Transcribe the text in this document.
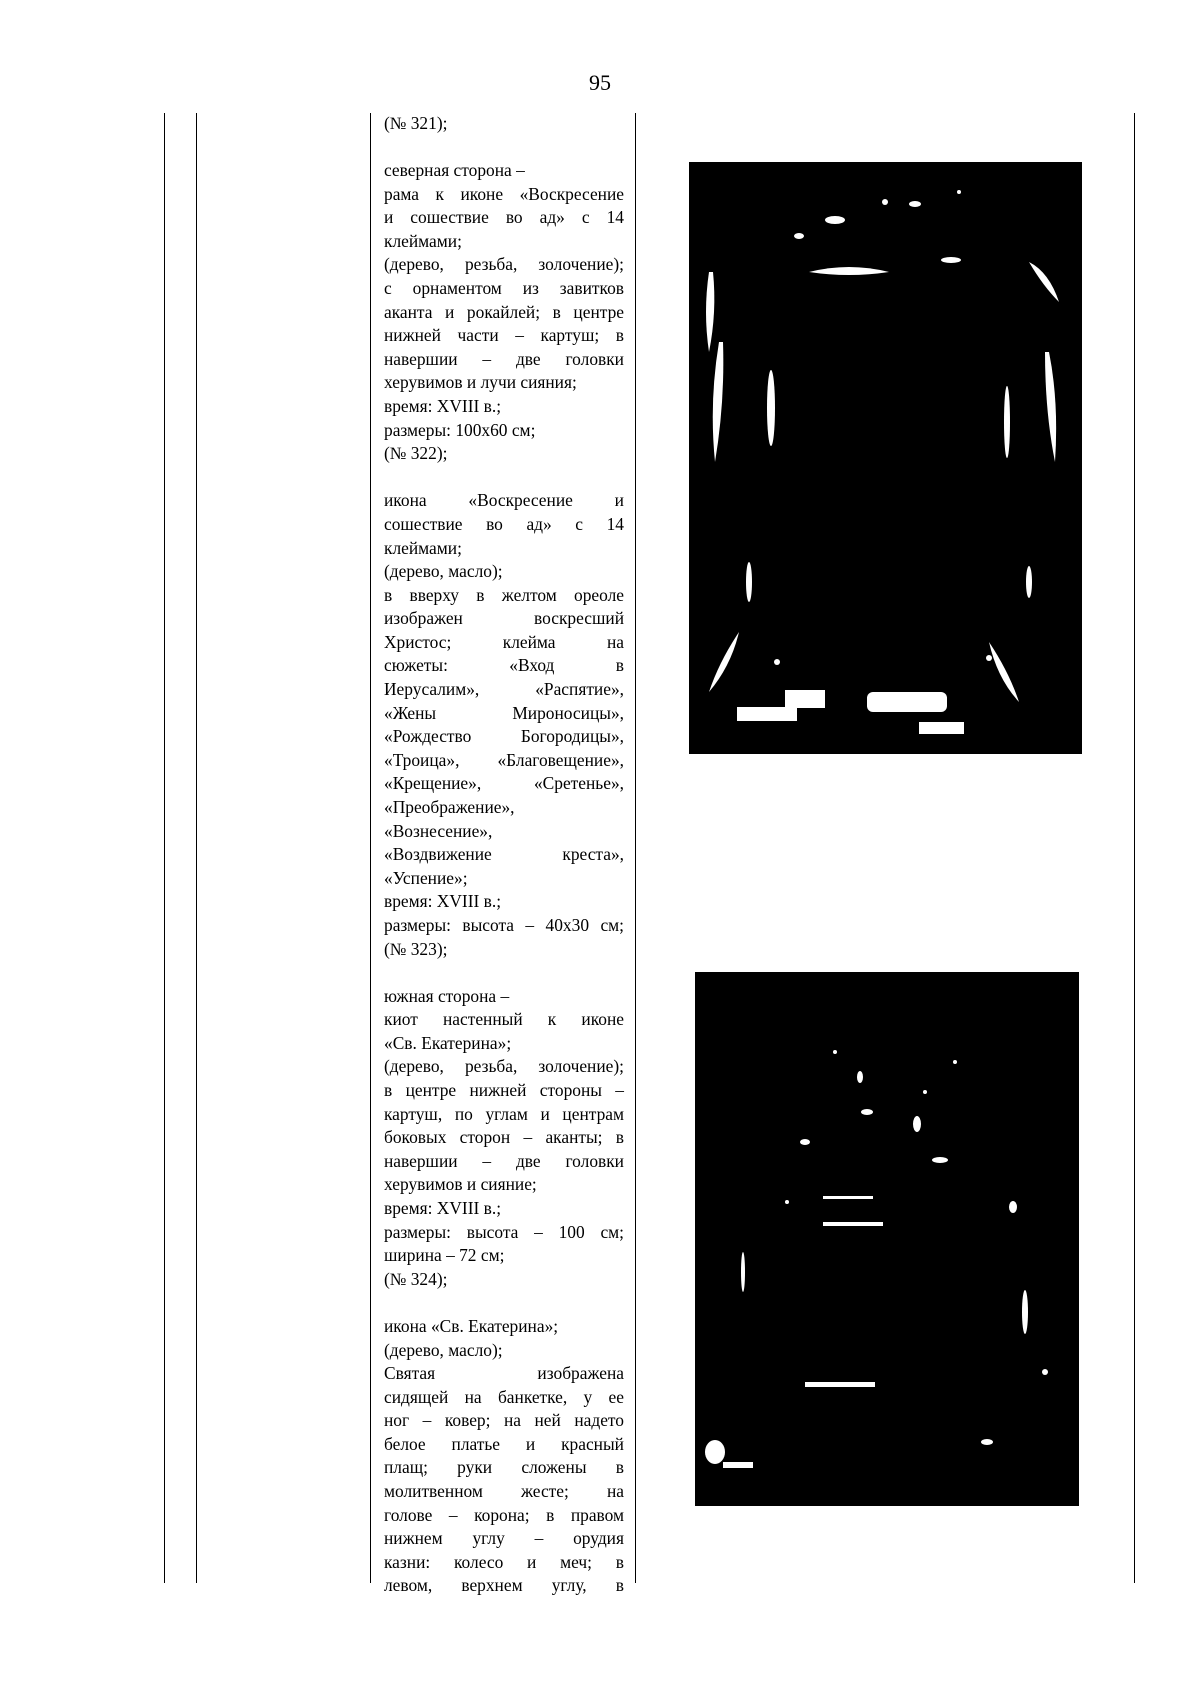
95
(№ 321);
северная сторона –
рама к иконе «Воскресение
и сошествие во ад» с 14
клеймами;
(дерево, резьба, золочение);
с орнаментом из завитков
аканта и рокайлей; в центре
нижней части – картуш; в
навершии – две головки
херувимов и лучи сияния;
время: XVIII в.;
размеры: 100х60 см;
(№ 322);
икона «Воскресение и
сошествие во ад» с 14
клеймами;
(дерево, масло);
в вверху в желтом ореоле
изображен воскресший
Христос; клейма на
сюжеты: «Вход в
Иерусалим», «Распятие»,
«Жены Мироносицы»,
«Рождество Богородицы»,
«Троица», «Благовещение»,
«Крещение», «Сретенье»,
«Преображение»,
«Вознесение»,
«Воздвижение креста»,
«Успение»;
время: XVIII в.;
размеры: высота – 40х30 см;
(№ 323);
южная сторона –
киот настенный к иконе
«Св. Екатерина»;
(дерево, резьба, золочение);
в центре нижней стороны –
картуш, по углам и центрам
боковых сторон – аканты; в
навершии – две головки
херувимов и сияние;
время: XVIII в.;
размеры: высота – 100 см;
ширина – 72 см;
(№ 324);
икона «Св. Екатерина»;
(дерево, масло);
Святая изображена
сидящей на банкетке, у ее
ног – ковер; на ней надето
белое платье и красный
плащ; руки сложены в
молитвенном жесте; на
голове – корона; в правом
нижнем углу – орудия
казни: колесо и меч; в
левом, верхнем углу, в
